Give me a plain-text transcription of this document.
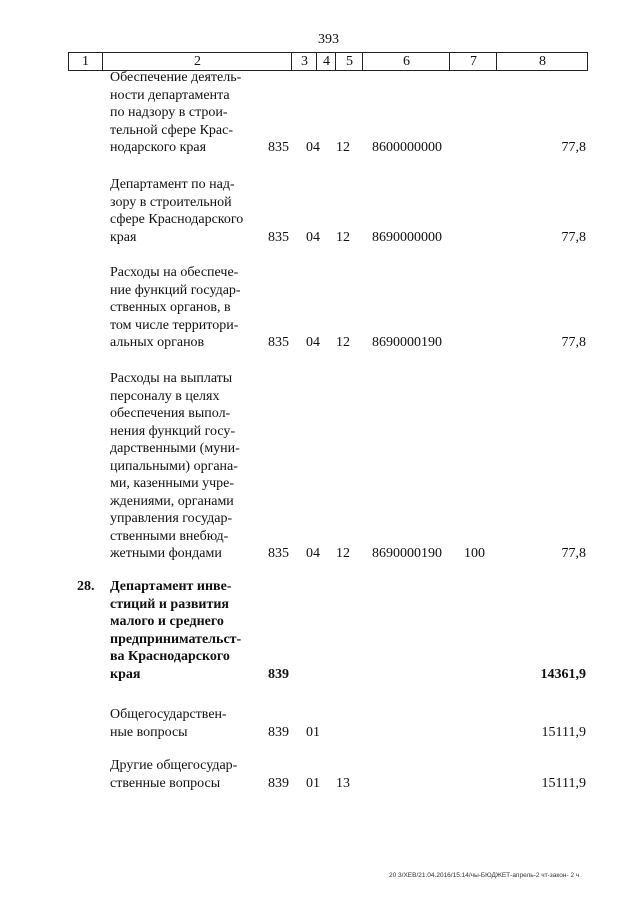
393
1	2	3	4	5	6	7	8
Обеспечение деятель-
ности департамента
по надзору в строи-
тельной сфере Крас-
нодарского края	835 04 12 8600000000	77,8
Департамент по над-
зору в строительной
сфере Краснодарского
края	835 04 12 8690000000	77,8
Расходы на обеспече-
ние функций государ-
ственных органов, в
том числе территори-
альных органов	835 04 12 8690000190	77,8
Расходы на выплаты
персоналу в целях
обеспечения выпол-
нения функций госу-
дарственными (муни-
ципальными) органа-
ми, казенными учре-
ждениями, органами
управления государ-
ственными внебюд-
жетными фондами	835 04 12 8690000190 100	77,8
28. Департамент инве-
стиций и развития
малого и среднего
предпринимательст-
ва Краснодарского
края	839	14361,9
Общегосударствен-
ные вопросы	839 01	15111,9
Другие общегосудар-
ственные вопросы	839 01 13	15111,9
20 3/XEB/21.04.2016/15.14/чы-БЮДЖЕТ-апрель-2 чт-закон- 2 ч
